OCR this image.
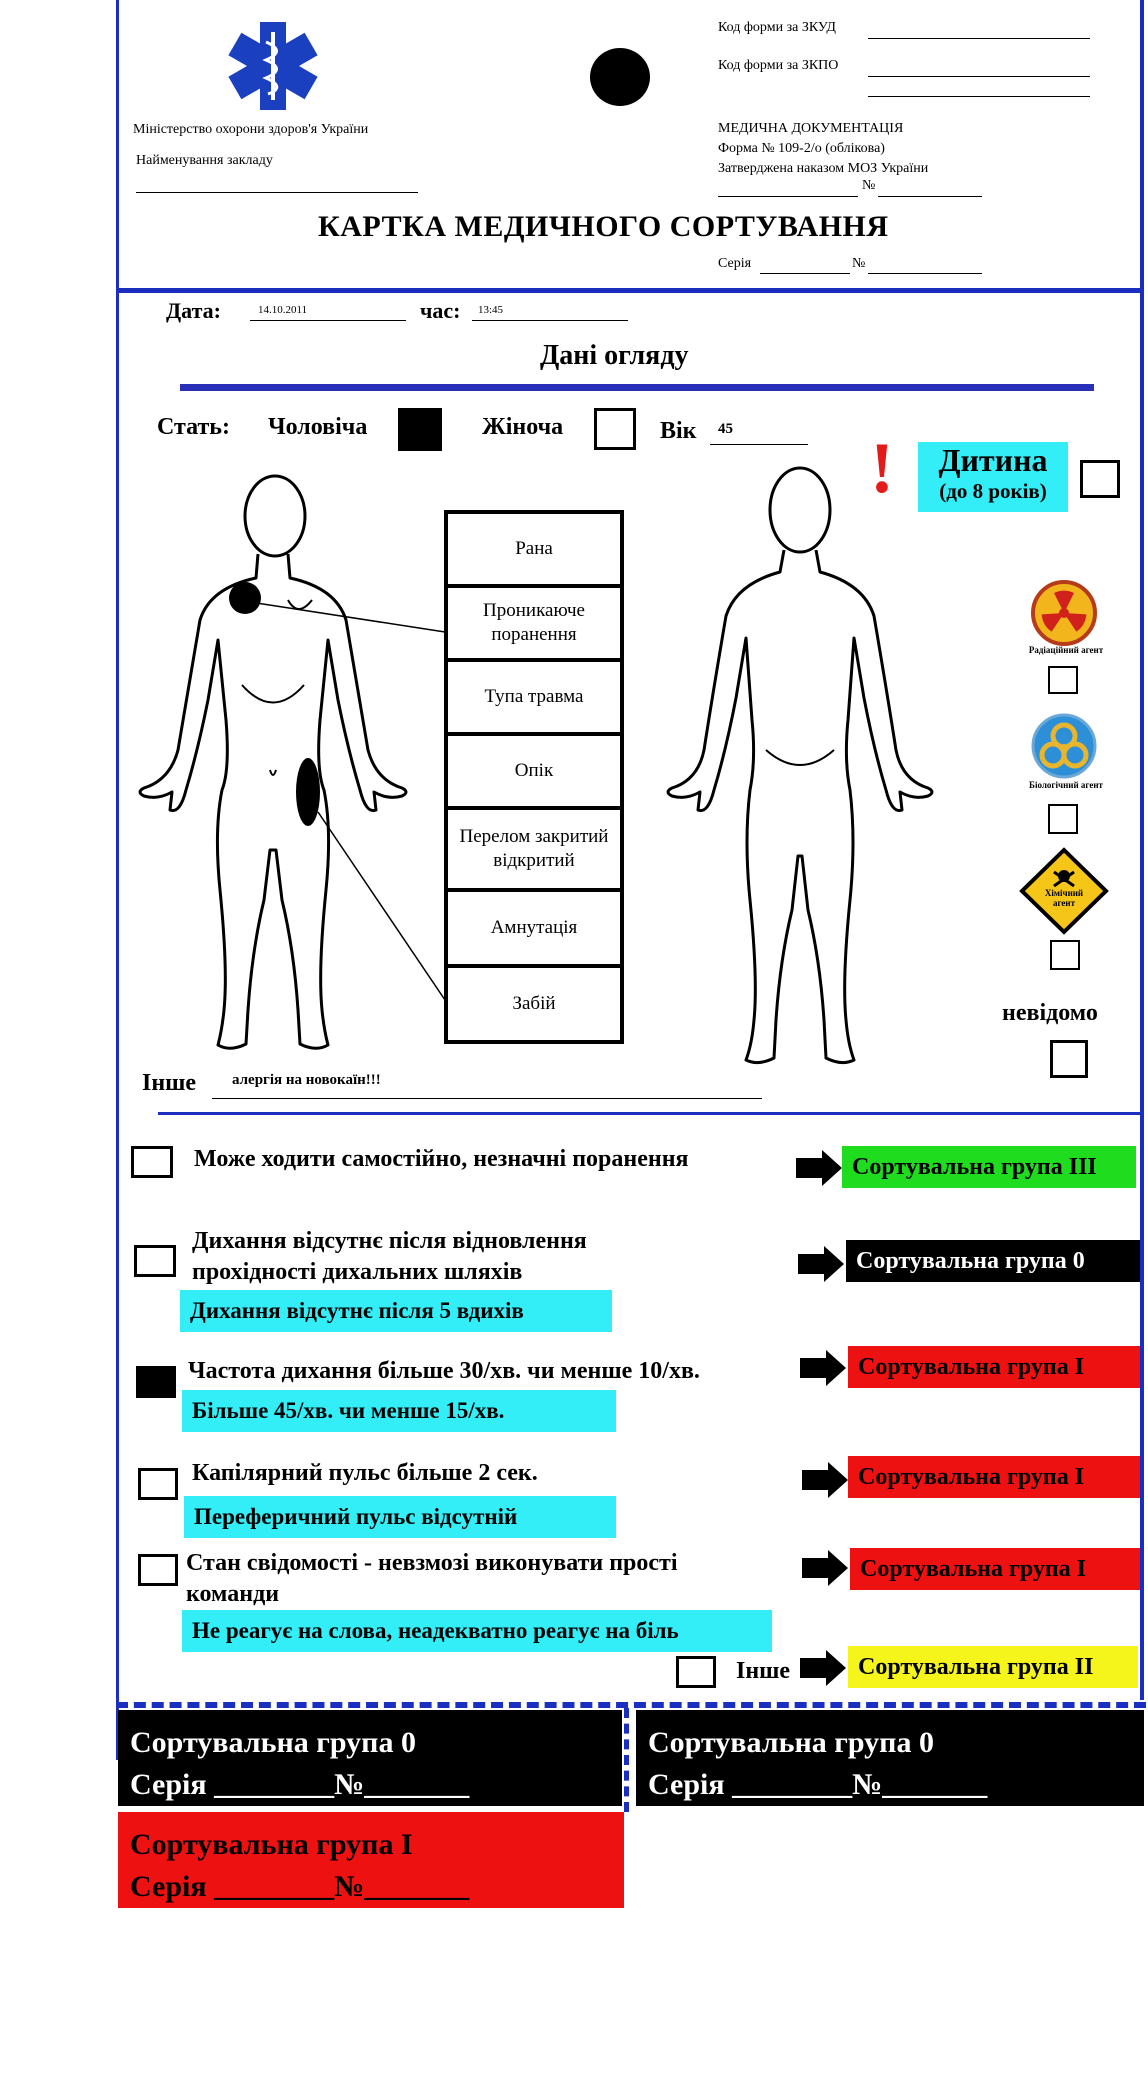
Міністерство охорони здоров'я України
Найменування закладу
Код форми за ЗКУД
Код форми за ЗКПО
МЕДИЧНА ДОКУМЕНТАЦІЯ
Форма № 109-2/о (облікова)
Затверджена наказом МОЗ України
№
КАРТКА МЕДИЧНОГО СОРТУВАННЯ
Серія	№
Дата:	14.10.2011	час: 13:45
Дані огляду
Стать: Чоловіча	Жіноча	Вік 45 !	Дитина
(до 8 років)
Рана
Проникаюче поранення
Тупа травма
Опік
Перелом закритий відкритий
Амнутація
Забій
Радіаційний агент
Біологічний агент
Хімічний агент
невідомо
Інше алергія на новокаїн!!!
Може ходити самостійно, незначні поранення	Сортувальна група III
Дихання відсутнє після відновлення прохідності дихальних шляхів
Дихання відсутнє після 5 вдихів
Сортувальна група 0
Частота дихання більше 30/хв. чи менше 10/хв.
Більше 45/хв. чи менше 15/хв.
Сортувальна група I
Капілярний пульс більше 2 сек.
Переферичний пульс відсутній
Сортувальна група I
Стан свідомості - невзмозі виконувати прості команди
Не реагує на слова, неадекватно реагує на біль
Сортувальна група I
Інше	Сортувальна група II
Сортувальна група 0
Серія ________№_______
Сортувальна група 0
Серія ________№_______
Сортувальна група I
Серія ________№_______
